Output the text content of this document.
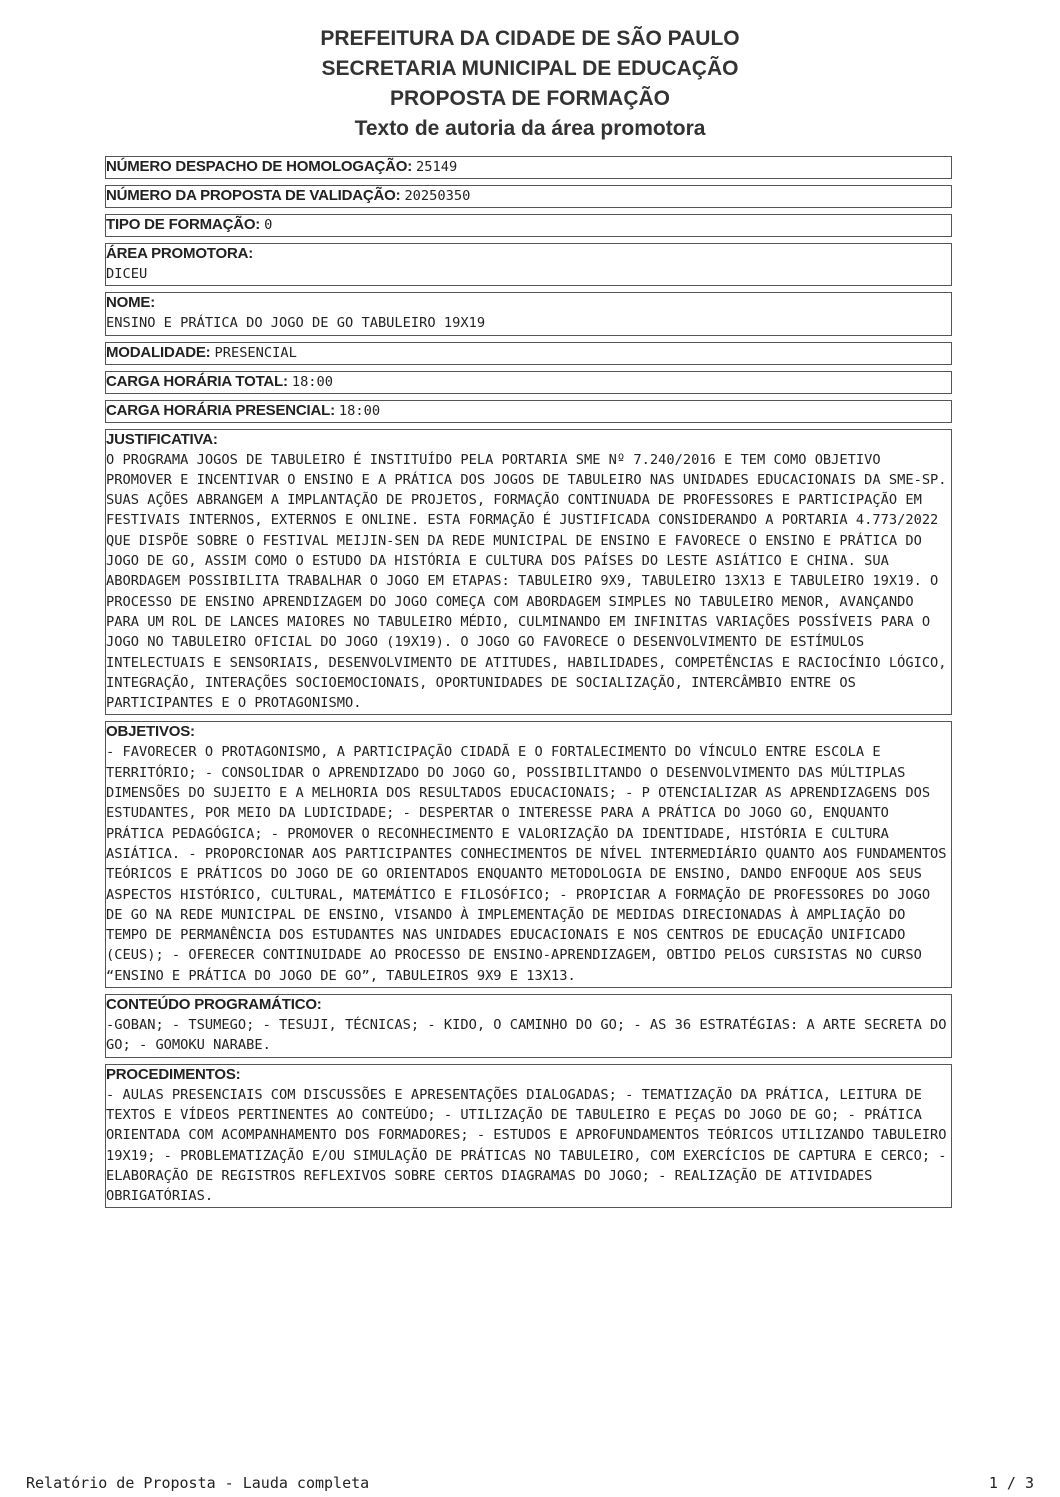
PREFEITURA DA CIDADE DE SÃO PAULO
SECRETARIA MUNICIPAL DE EDUCAÇÃO
PROPOSTA DE FORMAÇÃO
Texto de autoria da área promotora
NÚMERO DESPACHO DE HOMOLOGAÇÃO: 25149
NÚMERO DA PROPOSTA DE VALIDAÇÃO: 20250350
TIPO DE FORMAÇÃO: 0
ÁREA PROMOTORA:
DICEU
NOME:
ENSINO E PRÁTICA DO JOGO DE GO TABULEIRO 19X19
MODALIDADE: PRESENCIAL
CARGA HORÁRIA TOTAL: 18:00
CARGA HORÁRIA PRESENCIAL: 18:00
JUSTIFICATIVA:
O PROGRAMA JOGOS DE TABULEIRO É INSTITUÍDO PELA PORTARIA SME Nº 7.240/2016 E TEM COMO OBJETIVO PROMOVER E INCENTIVAR O ENSINO E A PRÁTICA DOS JOGOS DE TABULEIRO NAS UNIDADES EDUCACIONAIS DA SME-SP. SUAS AÇÕES ABRANGEM A IMPLANTAÇÃO DE PROJETOS, FORMAÇÃO CONTINUADA DE PROFESSORES E PARTICIPAÇÃO EM FESTIVAIS INTERNOS, EXTERNOS E ONLINE. ESTA FORMAÇÃO É JUSTIFICADA CONSIDERANDO A PORTARIA 4.773/2022 QUE DISPÕE SOBRE O FESTIVAL MEIJIN-SEN DA REDE MUNICIPAL DE ENSINO E FAVORECE O ENSINO E PRÁTICA DO JOGO DE GO, ASSIM COMO O ESTUDO DA HISTÓRIA E CULTURA DOS PAÍSES DO LESTE ASIÁTICO E CHINA. SUA ABORDAGEM POSSIBILITA TRABALHAR O JOGO EM ETAPAS: TABULEIRO 9X9, TABULEIRO 13X13 E TABULEIRO 19X19. O PROCESSO DE ENSINO APRENDIZAGEM DO JOGO COMEÇA COM ABORDAGEM SIMPLES NO TABULEIRO MENOR, AVANÇANDO PARA UM ROL DE LANCES MAIORES NO TABULEIRO MÉDIO, CULMINANDO EM INFINITAS VARIAÇÕES POSSÍVEIS PARA O JOGO NO TABULEIRO OFICIAL DO JOGO (19X19). O JOGO GO FAVORECE O DESENVOLVIMENTO DE ESTÍMULOS INTELECTUAIS E SENSORIAIS, DESENVOLVIMENTO DE ATITUDES, HABILIDADES, COMPETÊNCIAS E RACIOCÍNIO LÓGICO, INTEGRAÇÃO, INTERAÇÕES SOCIOEMOCIONAIS, OPORTUNIDADES DE SOCIALIZAÇÃO, INTERCÂMBIO ENTRE OS PARTICIPANTES E O PROTAGONISMO.
OBJETIVOS:
- FAVORECER O PROTAGONISMO, A PARTICIPAÇÃO CIDADÃ E O FORTALECIMENTO DO VÍNCULO ENTRE ESCOLA E TERRITÓRIO; - CONSOLIDAR O APRENDIZADO DO JOGO GO, POSSIBILITANDO O DESENVOLVIMENTO DAS MÚLTIPLAS DIMENSÕES DO SUJEITO E A MELHORIA DOS RESULTADOS EDUCACIONAIS; - P OTENCIALIZAR AS APRENDIZAGENS DOS ESTUDANTES, POR MEIO DA LUDICIDADE; - DESPERTAR O INTERESSE PARA A PRÁTICA DO JOGO GO, ENQUANTO PRÁTICA PEDAGÓGICA; - PROMOVER O RECONHECIMENTO E VALORIZAÇÃO DA IDENTIDADE, HISTÓRIA E CULTURA ASIÁTICA. - PROPORCIONAR AOS PARTICIPANTES CONHECIMENTOS DE NÍVEL INTERMEDIÁRIO QUANTO AOS FUNDAMENTOS TEÓRICOS E PRÁTICOS DO JOGO DE GO ORIENTADOS ENQUANTO METODOLOGIA DE ENSINO, DANDO ENFOQUE AOS SEUS ASPECTOS HISTÓRICO, CULTURAL, MATEMÁTICO E FILOSÓFICO; - PROPICIAR A FORMAÇÃO DE PROFESSORES DO JOGO DE GO NA REDE MUNICIPAL DE ENSINO, VISANDO À IMPLEMENTAÇÃO DE MEDIDAS DIRECIONADAS À AMPLIAÇÃO DO TEMPO DE PERMANÊNCIA DOS ESTUDANTES NAS UNIDADES EDUCACIONAIS E NOS CENTROS DE EDUCAÇÃO UNIFICADO (CEUS); - OFERECER CONTINUIDADE AO PROCESSO DE ENSINO-APRENDIZAGEM, OBTIDO PELOS CURSISTAS NO CURSO “ENSINO E PRÁTICA DO JOGO DE GO”, TABULEIROS 9X9 E 13X13.
CONTEÚDO PROGRAMÁTICO:
-GOBAN; - TSUMEGO; - TESUJI, TÉCNICAS; - KIDO, O CAMINHO DO GO; - AS 36 ESTRATÉGIAS: A ARTE SECRETA DO GO; - GOMOKU NARABE.
PROCEDIMENTOS:
- AULAS PRESENCIAIS COM DISCUSSÕES E APRESENTAÇÕES DIALOGADAS; - TEMATIZAÇÃO DA PRÁTICA, LEITURA DE TEXTOS E VÍDEOS PERTINENTES AO CONTEÚDO; - UTILIZAÇÃO DE TABULEIRO E PEÇAS DO JOGO DE GO; - PRÁTICA ORIENTADA COM ACOMPANHAMENTO DOS FORMADORES; - ESTUDOS E APROFUNDAMENTOS TEÓRICOS UTILIZANDO TABULEIRO 19X19; - PROBLEMATIZAÇÃO E/OU SIMULAÇÃO DE PRÁTICAS NO TABULEIRO, COM EXERCÍCIOS DE CAPTURA E CERCO; - ELABORAÇÃO DE REGISTROS REFLEXIVOS SOBRE CERTOS DIAGRAMAS DO JOGO; - REALIZAÇÃO DE ATIVIDADES OBRIGATÓRIAS.
Relatório de Proposta - Lauda completa	1 / 3
